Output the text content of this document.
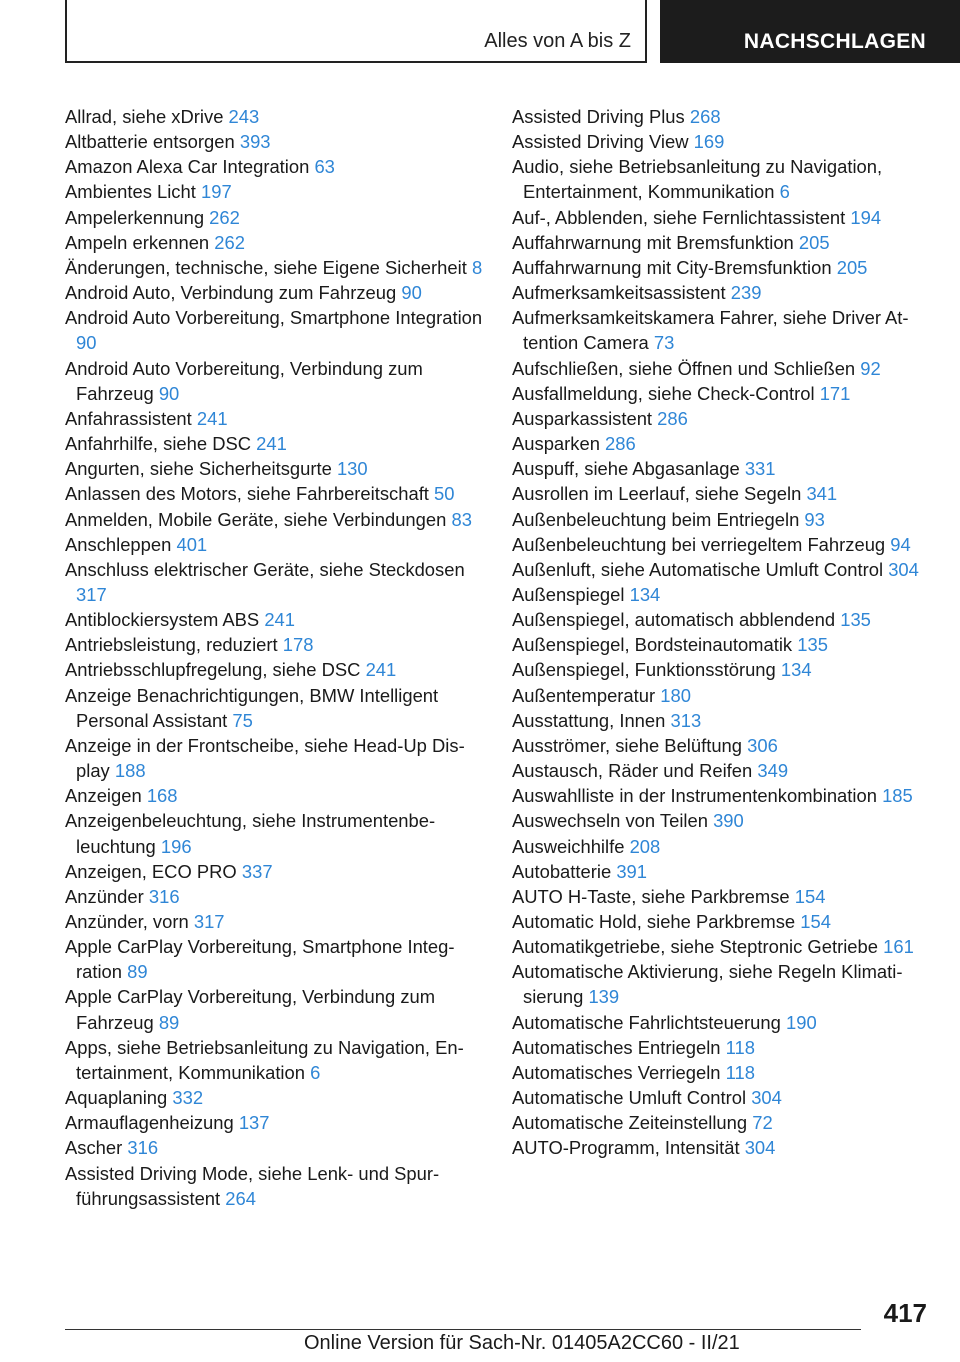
Alles von A bis Z	NACHSCHLAGEN
Allrad, siehe xDrive 243
Altbatterie entsorgen 393
Amazon Alexa Car Integration 63
Ambientes Licht 197
Ampelerkennung 262
Ampeln erkennen 262
Änderungen, technische, siehe Eigene Sicherheit 8
Android Auto, Verbindung zum Fahrzeug 90
Android Auto Vorbereitung, Smartphone Integration 90
Android Auto Vorbereitung, Verbindung zum Fahrzeug 90
Anfahrassistent 241
Anfahrhilfe, siehe DSC 241
Angurten, siehe Sicherheitsgurte 130
Anlassen des Motors, siehe Fahrbereitschaft 50
Anmelden, Mobile Geräte, siehe Verbindungen 83
Anschleppen 401
Anschluss elektrischer Geräte, siehe Steckdosen 317
Antiblockiersystem ABS 241
Antriebsleistung, reduziert 178
Antriebsschlupfregelung, siehe DSC 241
Anzeige Benachrichtigungen, BMW Intelligent Personal Assistant 75
Anzeige in der Frontscheibe, siehe Head-Up Display 188
Anzeigen 168
Anzeigenbeleuchtung, siehe Instrumentenbeleuchtung 196
Anzeigen, ECO PRO 337
Anzünder 316
Anzünder, vorn 317
Apple CarPlay Vorbereitung, Smartphone Integration 89
Apple CarPlay Vorbereitung, Verbindung zum Fahrzeug 89
Apps, siehe Betriebsanleitung zu Navigation, Entertainment, Kommunikation 6
Aquaplaning 332
Armauflagenheizung 137
Ascher 316
Assisted Driving Mode, siehe Lenk- und Spurführungsassistent 264
Assisted Driving Plus 268
Assisted Driving View 169
Audio, siehe Betriebsanleitung zu Navigation, Entertainment, Kommunikation 6
Auf-, Abblenden, siehe Fernlichtassistent 194
Auffahrwarnung mit Bremsfunktion 205
Auffahrwarnung mit City-Bremsfunktion 205
Aufmerksamkeitsassistent 239
Aufmerksamkeitskamera Fahrer, siehe Driver Attention Camera 73
Aufschließen, siehe Öffnen und Schließen 92
Ausfallmeldung, siehe Check-Control 171
Ausparkassistent 286
Ausparken 286
Auspuff, siehe Abgasanlage 331
Ausrollen im Leerlauf, siehe Segeln 341
Außenbeleuchtung beim Entriegeln 93
Außenbeleuchtung bei verriegeltem Fahrzeug 94
Außenluft, siehe Automatische Umluft Control 304
Außenspiegel 134
Außenspiegel, automatisch abblendend 135
Außenspiegel, Bordsteinautomatik 135
Außenspiegel, Funktionsstörung 134
Außentemperatur 180
Ausstattung, Innen 313
Ausströmer, siehe Belüftung 306
Austausch, Räder und Reifen 349
Auswahlliste in der Instrumentenkombination 185
Auswechseln von Teilen 390
Ausweichhilfe 208
Autobatterie 391
AUTO H-Taste, siehe Parkbremse 154
Automatic Hold, siehe Parkbremse 154
Automatikgetriebe, siehe Steptronic Getriebe 161
Automatische Aktivierung, siehe Regeln Klimatisierung 139
Automatische Fahrlichtsteuerung 190
Automatisches Entriegeln 118
Automatisches Verriegeln 118
Automatische Umluft Control 304
Automatische Zeiteinstellung 72
AUTO-Programm, Intensität 304
417
Online Version für Sach-Nr. 01405A2CC60 - II/21
